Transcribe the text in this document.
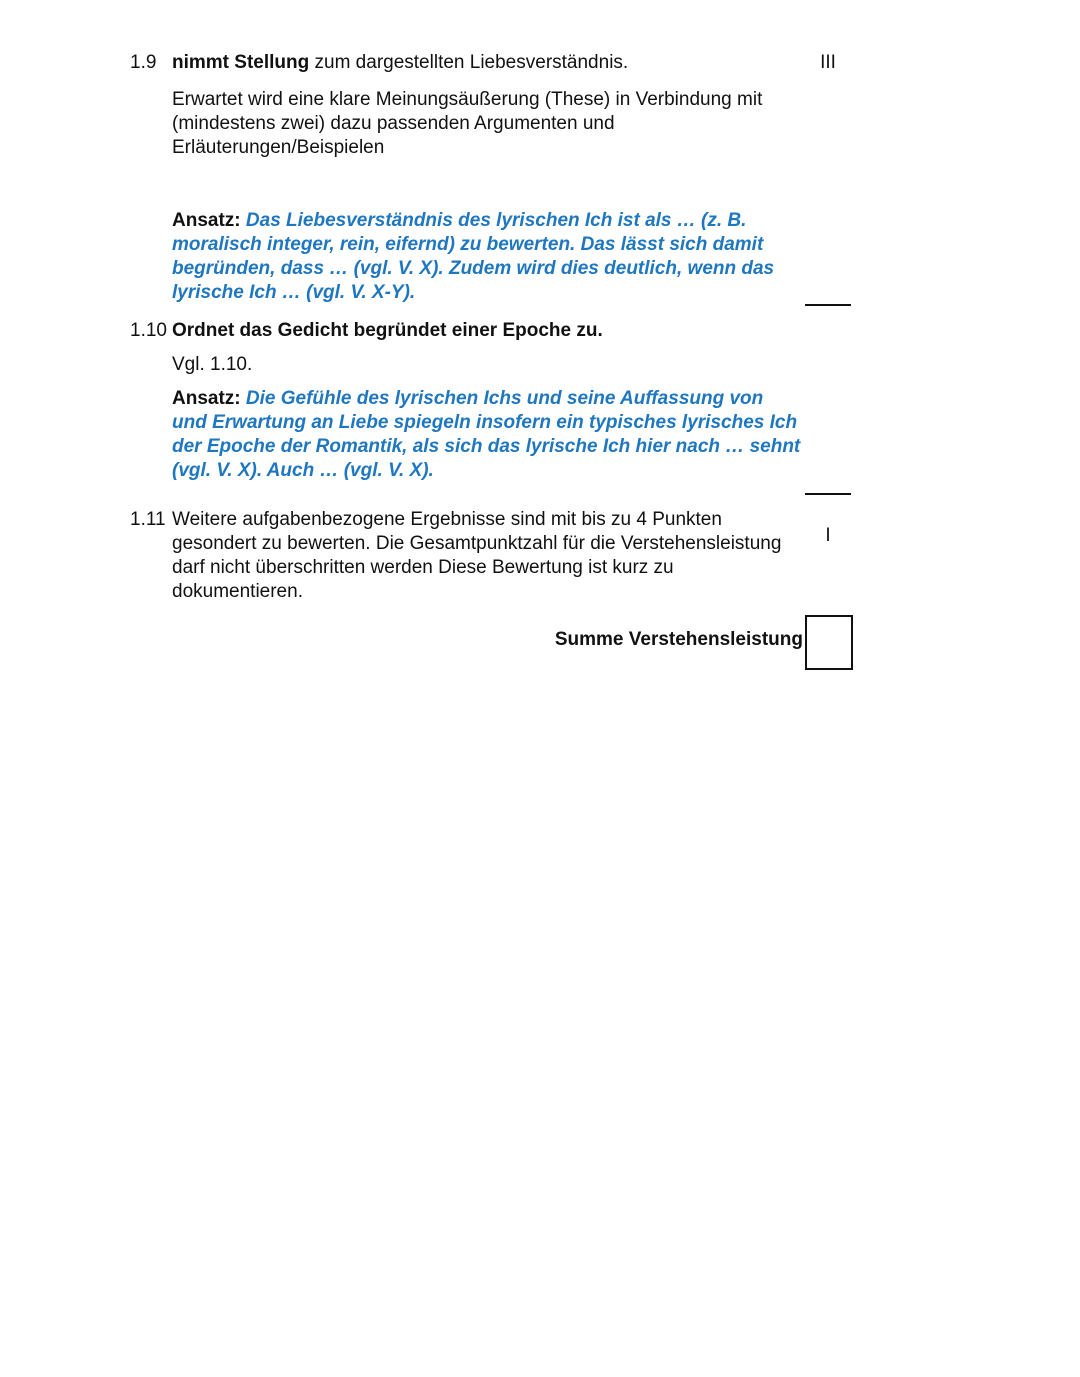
1.9 nimmt Stellung zum dargestellten Liebesverständnis.	III
Erwartet wird eine klare Meinungsäußerung (These) in Verbindung mit (mindestens zwei) dazu passenden Argumenten und Erläuterungen/Beispielen
Ansatz: Das Liebesverständnis des lyrischen Ich ist als … (z. B. moralisch integer, rein, eifernd) zu bewerten. Das lässt sich damit begründen, dass … (vgl. V. X). Zudem wird dies deutlich, wenn das lyrische Ich … (vgl. V. X-Y).
1.10 Ordnet das Gedicht begründet einer Epoche zu.
Vgl. 1.10.
Ansatz: Die Gefühle des lyrischen Ichs und seine Auffassung von und Erwartung an Liebe spiegeln insofern ein typisches lyrisches Ich der Epoche der Romantik, als sich das lyrische Ich hier nach … sehnt (vgl. V. X). Auch … (vgl. V. X).
1.11 Weitere aufgabenbezogene Ergebnisse sind mit bis zu 4 Punkten gesondert zu bewerten. Die Gesamtpunktzahl für die Verstehensleistung darf nicht überschritten werden Diese Bewertung ist kurz zu dokumentieren.
I
Summe Verstehensleistung
